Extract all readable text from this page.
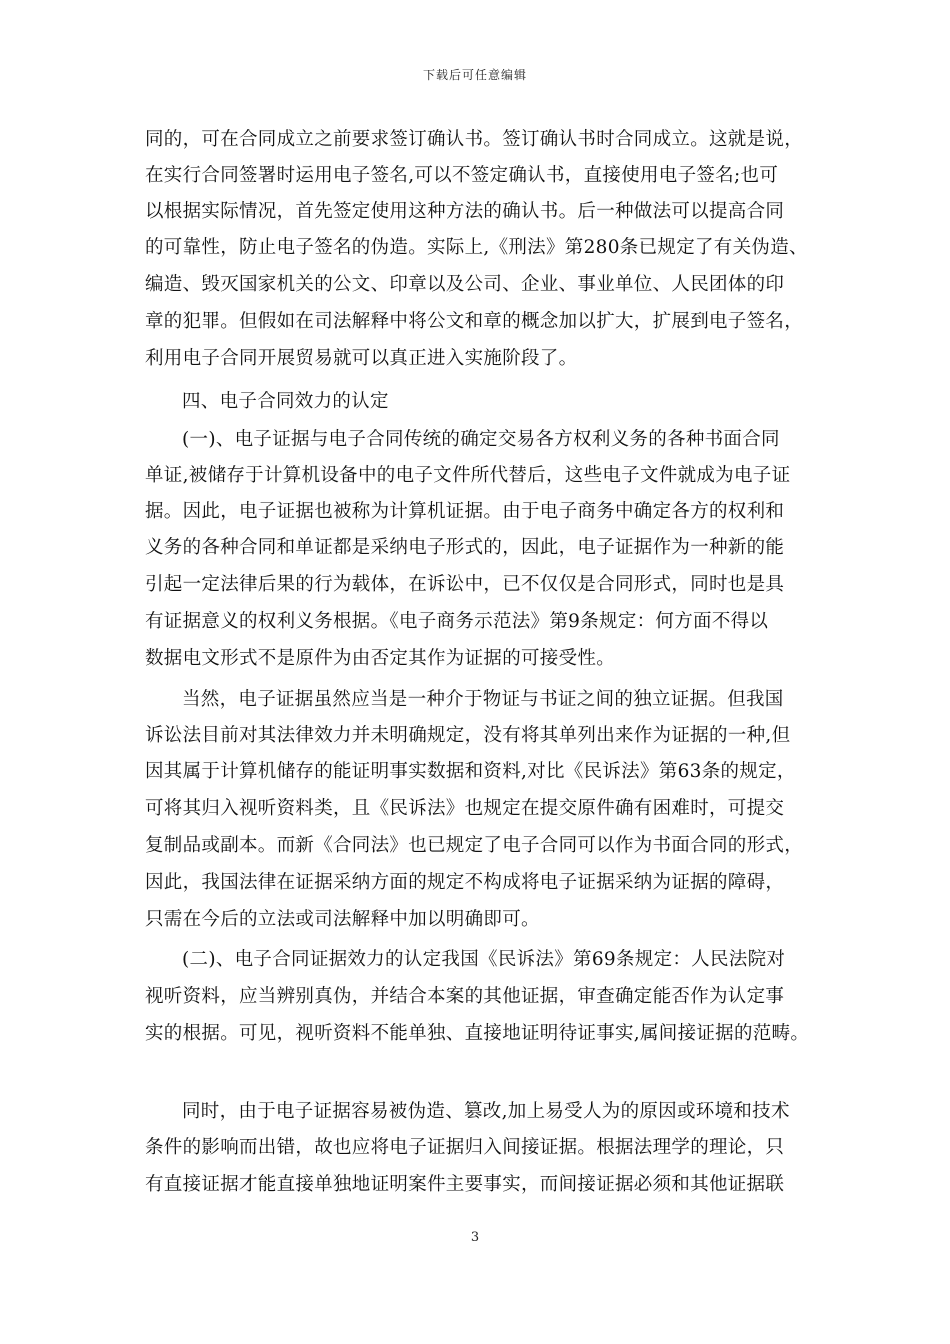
下载后可任意编辑
同的，可在合同成立之前要求签订确认书。签订确认书时合同成立。这就是说，
在实行合同签署时运用电子签名,可以不签定确认书，直接使用电子签名;也可
以根据实际情况，首先签定使用这种方法的确认书。后一种做法可以提高合同
的可靠性，防止电子签名的伪造。实际上,《刑法》第280条已规定了有关伪造、
编造、毁灭国家机关的公文、印章以及公司、企业、事业单位、人民团体的印
章的犯罪。但假如在司法解释中将公文和章的概念加以扩大，扩展到电子签名，
利用电子合同开展贸易就可以真正进入实施阶段了。
四、电子合同效力的认定
(一)、电子证据与电子合同传统的确定交易各方权利义务的各种书面合同
单证,被储存于计算机设备中的电子文件所代替后，这些电子文件就成为电子证
据。因此，电子证据也被称为计算机证据。由于电子商务中确定各方的权利和
义务的各种合同和单证都是采纳电子形式的，因此，电子证据作为一种新的能
引起一定法律后果的行为载体，在诉讼中，已不仅仅是合同形式，同时也是具
有证据意义的权利义务根据。《电子商务示范法》第9条规定：何方面不得以
数据电文形式不是原件为由否定其作为证据的可接受性。
当然，电子证据虽然应当是一种介于物证与书证之间的独立证据。但我国
诉讼法目前对其法律效力并未明确规定，没有将其单列出来作为证据的一种,但
因其属于计算机储存的能证明事实数据和资料,对比《民诉法》第63条的规定，
可将其归入视听资料类，且《民诉法》也规定在提交原件确有困难时，可提交
复制品或副本。而新《合同法》也已规定了电子合同可以作为书面合同的形式，
因此，我国法律在证据采纳方面的规定不构成将电子证据采纳为证据的障碍，
只需在今后的立法或司法解释中加以明确即可。
(二)、电子合同证据效力的认定我国《民诉法》第69条规定：人民法院对
视听资料，应当辨别真伪，并结合本案的其他证据，审查确定能否作为认定事
实的根据。可见，视听资料不能单独、直接地证明待证事实,属间接证据的范畴。
同时，由于电子证据容易被伪造、篡改,加上易受人为的原因或环境和技术
条件的影响而出错，故也应将电子证据归入间接证据。根据法理学的理论，只
有直接证据才能直接单独地证明案件主要事实，而间接证据必须和其他证据联
3
